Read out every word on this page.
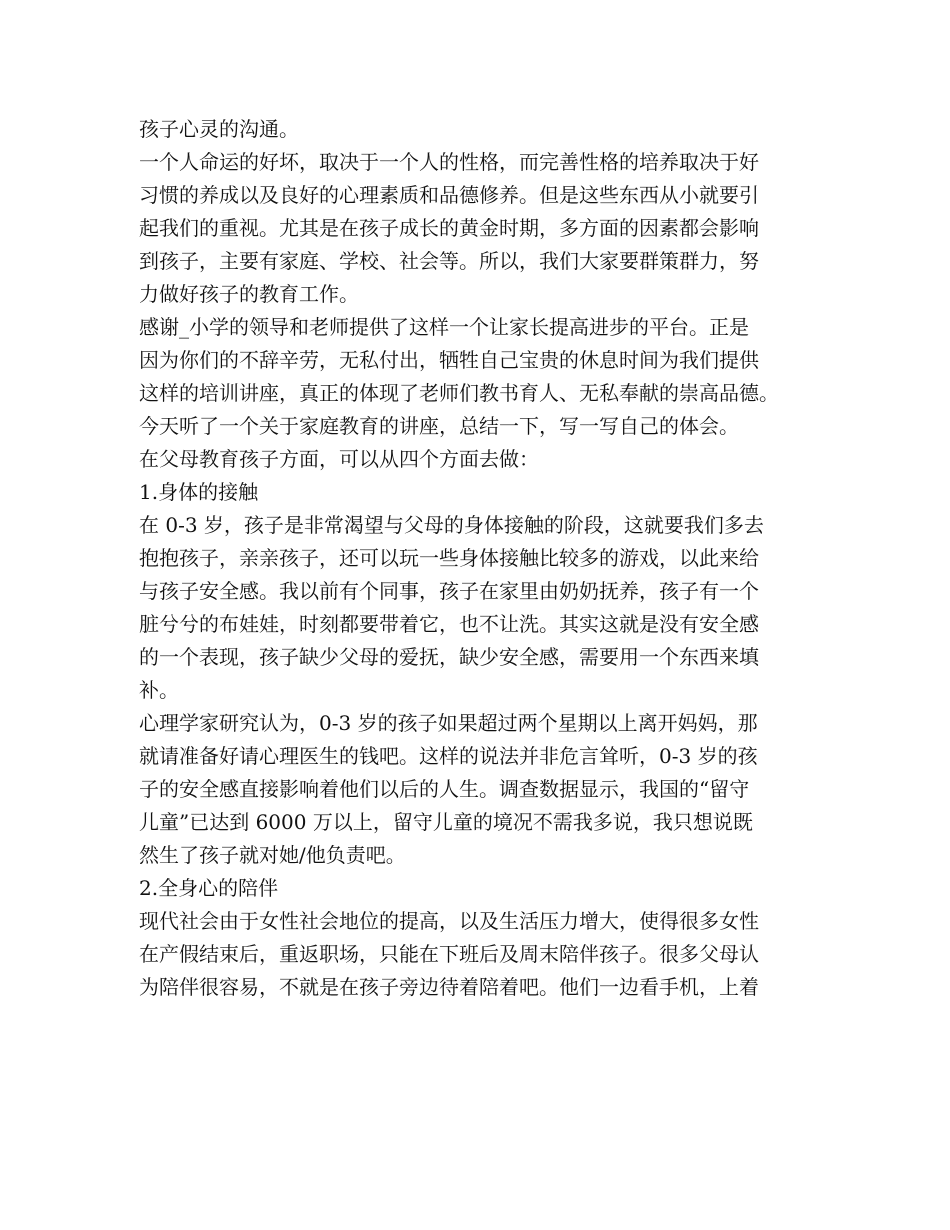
孩子心灵的沟通。
一个人命运的好坏，取决于一个人的性格，而完善性格的培养取决于好
习惯的养成以及良好的心理素质和品德修养。但是这些东西从小就要引
起我们的重视。尤其是在孩子成长的黄金时期，多方面的因素都会影响
到孩子，主要有家庭、学校、社会等。所以，我们大家要群策群力，努
力做好孩子的教育工作。
感谢_小学的领导和老师提供了这样一个让家长提高进步的平台。正是
因为你们的不辞辛劳，无私付出，牺牲自己宝贵的休息时间为我们提供
这样的培训讲座，真正的体现了老师们教书育人、无私奉献的崇高品德。
今天听了一个关于家庭教育的讲座，总结一下，写一写自己的体会。
在父母教育孩子方面，可以从四个方面去做：
1.身体的接触
在 0-3 岁，孩子是非常渴望与父母的身体接触的阶段，这就要我们多去
抱抱孩子，亲亲孩子，还可以玩一些身体接触比较多的游戏，以此来给
与孩子安全感。我以前有个同事，孩子在家里由奶奶抚养，孩子有一个
脏兮兮的布娃娃，时刻都要带着它，也不让洗。其实这就是没有安全感
的一个表现，孩子缺少父母的爱抚，缺少安全感，需要用一个东西来填
补。
心理学家研究认为，0-3 岁的孩子如果超过两个星期以上离开妈妈，那
就请准备好请心理医生的钱吧。这样的说法并非危言耸听，0-3 岁的孩
子的安全感直接影响着他们以后的人生。调查数据显示，我国的“留守
儿童”已达到 6000 万以上，留守儿童的境况不需我多说，我只想说既
然生了孩子就对她/他负责吧。
2.全身心的陪伴
现代社会由于女性社会地位的提高，以及生活压力增大，使得很多女性
在产假结束后，重返职场，只能在下班后及周末陪伴孩子。很多父母认
为陪伴很容易，不就是在孩子旁边待着陪着吧。他们一边看手机，上着
